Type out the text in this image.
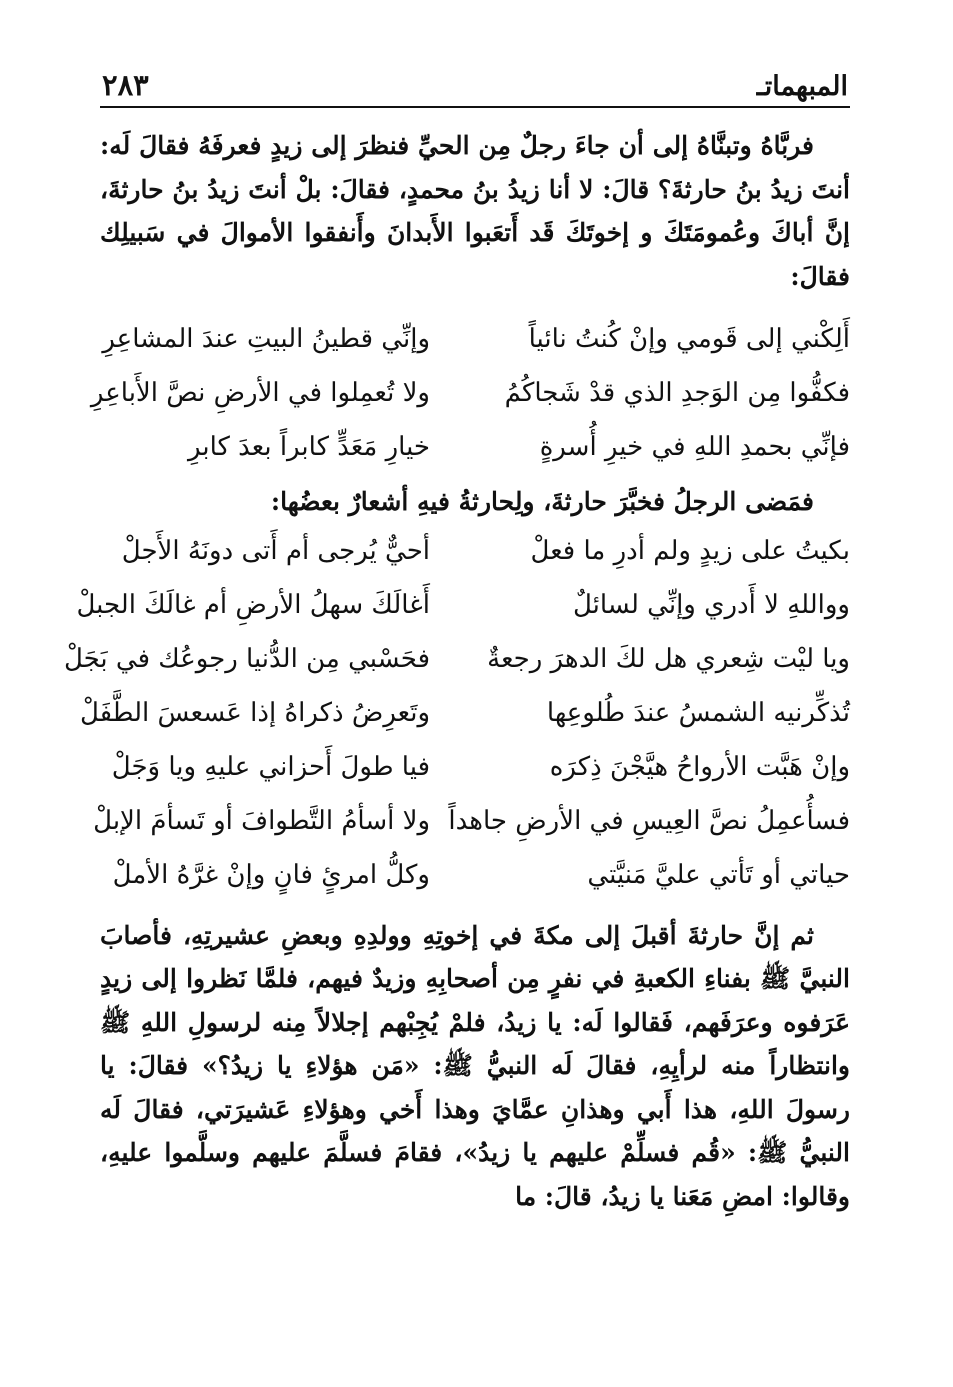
المبهماتـ
٢٨٣

فربَّاهُ وتبنَّاهُ إلى أن جاءَ رجلٌ مِن الحيِّ فنظرَ إلى زيدٍ فعرفَهُ فقالَ لَه: أنتَ زيدُ بنُ حارثةَ؟ قالَ: لا أنا زيدُ بنُ محمدٍ، فقالَ: بلْ أنتَ زيدُ بنُ حارثةَ، إنَّ أباكَ وعُمومَتَكَ و إخوتَكَ قَد أَتعَبوا الأَبدانَ وأَنفقوا الأموالَ في سَبيلِك فقالَ:

أَلِكْني إلى قَومي وإنْ كُنتُ نائياً
وإنِّي قطينُ البيتِ عندَ المشاعِرِ
فكفُّوا مِن الوَجدِ الذي قدْ شَجاكُمُ
ولا تُعمِلوا في الأرضِ نصَّ الأَباعِرِ
فإنِّي بحمدِ اللهِ في خيرِ أُسرةٍ
خيارِ مَعَدٍّ كابراً بعدَ كابرِ

فمَضى الرجلُ فخبَّرَ حارثةَ، ولِحارثةُ فيهِ أشعارٌ بعضُها:

بكيتُ على زيدٍ ولم أدرِ ما فعلْ
أحيٌّ يُرجى أم أَتى دونَهُ الأَجلْ
وواللهِ لا أَدري وإنِّي لسائلٌ
أَغالَكَ سهلُ الأرضِ أم غالَكَ الجبلْ
ويا ليْت شِعري هل لكَ الدهرَ رجعةٌ
فحَسْبي مِن الدُّنيا رجوعُك في بَجَلْ
تُذكِّرنيه الشمسُ عندَ طُلوعِها
وتَعرِضُ ذكراهُ إذا عَسعسَ الطَّفَلْ
وإنْ هَبَّت الأرواحُ هيَّجْنَ ذِكرَه
فيا طولَ أَحزاني عليهِ ويا وَجَلْ
فسأُعمِلُ نصَّ العِيسِ في الأرضِ جاهداً
ولا أسأمُ التَّطوافَ أو تَسأمَ الإبلْ
حياتي أو تَأتي عليَّ مَنيَّتي
وكلُّ امرئٍ فانٍ وإنْ غرَّهُ الأملْ

ثم إنَّ حارثةَ أقبلَ إلى مكةَ في إخوتِهِ وولدِهِ وبعضِ عشيرتِهِ، فأصابَ النبيَّ ﷺ بفناءِ الكعبةِ في نفرٍ مِن أصحابِهِ وزيدٌ فيهم، فلمَّا نَظروا إلى زيدٍ عَرَفوه وعرَفَهم، فَقالوا لَه: يا زيدُ، فلمْ يُجِبْهم إجلالاً مِنه لرسولِ اللهِ ﷺ وانتظاراً منه لرأيِهِ، فقالَ لَه النبيُّ ﷺ: «مَن هؤلاءِ يا زيدُ؟» فقالَ: يا رسولَ اللهِ، هذا أَبي وهذانِ عمَّايَ وهذا أَخي وهؤلاءِ عَشيرَتي، فقالَ لَه النبيُّ ﷺ: «قُم فسلِّمْ عليهم يا زيدُ»، فقامَ فسلَّمَ عليهم وسلَّموا عليهِ، وقالوا: امضِ مَعَنا يا زيدُ، قالَ: ما
